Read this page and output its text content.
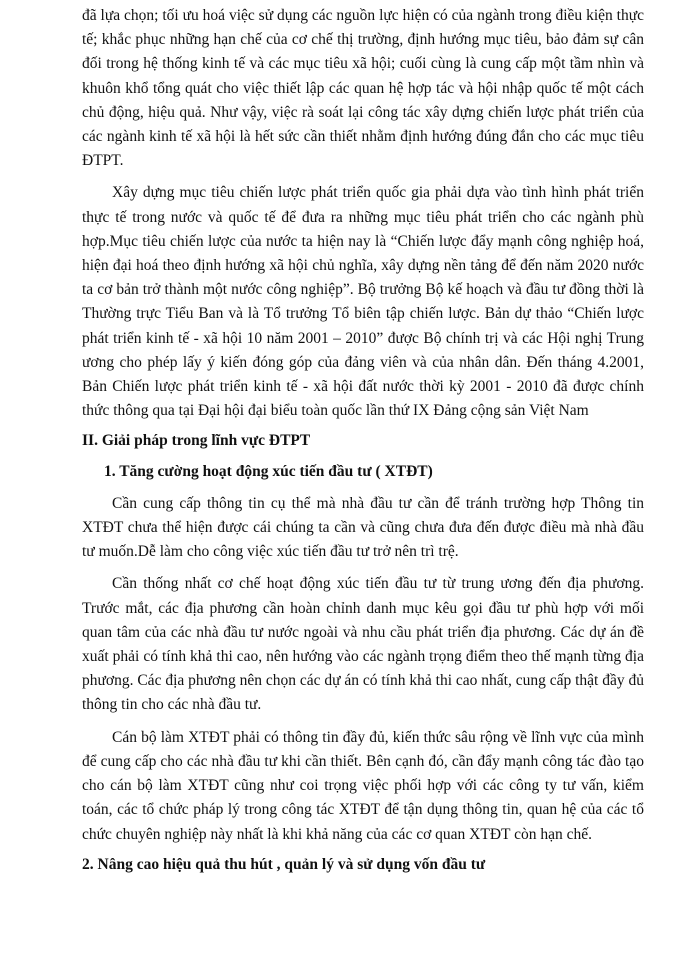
đã lựa chọn; tối ưu hoá việc sử dụng các nguồn lực hiện có của ngành trong điều kiện thực tế; khắc phục những hạn chế của cơ chế thị trường, định hướng mục tiêu, bảo đảm sự cân đối trong hệ thống kinh tế và các mục tiêu xã hội; cuối cùng là cung cấp một tầm nhìn và khuôn khổ tổng quát cho việc thiết lập các quan hệ hợp tác và hội nhập quốc tế một cách chủ động, hiệu quả. Như vậy, việc rà soát lại công tác xây dựng chiến lược phát triển của các ngành kinh tế xã hội là hết sức cần thiết nhằm định hướng đúng đắn cho các mục tiêu ĐTPT.

Xây dựng mục tiêu chiến lược phát triển quốc gia phải dựa vào tình hình phát triển thực tế trong nước và quốc tế để đưa ra những mục tiêu phát triển cho các ngành phù hợp.Mục tiêu chiến lược của nước ta hiện nay là “Chiến lược đẩy mạnh công nghiệp hoá, hiện đại hoá theo định hướng xã hội chủ nghĩa, xây dựng nền tảng để đến năm 2020 nước ta cơ bản trở thành một nước công nghiệp”. Bộ trưởng Bộ kế hoạch và đầu tư đồng thời là Thường trực Tiểu Ban và là Tổ trưởng Tổ biên tập chiến lược. Bản dự thảo “Chiến lược phát triển kinh tế - xã hội 10 năm 2001 – 2010” được Bộ chính trị và các Hội nghị Trung ương cho phép lấy ý kiến đóng góp của đảng viên và của nhân dân. Đến tháng 4.2001, Bản Chiến lược phát triển kinh tế - xã hội đất nước thời kỳ 2001 - 2010 đã được chính thức thông qua tại Đại hội đại biểu toàn quốc lần thứ IX Đảng cộng sản Việt Nam

II. Giải pháp trong lĩnh vực ĐTPT

1. Tăng cường hoạt động xúc tiến đầu tư ( XTĐT)

Cần cung cấp thông tin cụ thể mà nhà đầu tư cần để tránh trường hợp Thông tin XTĐT chưa thể hiện được cái chúng ta cần và cũng chưa đưa đến được điều mà nhà đầu tư muốn.Dễ làm cho công việc xúc tiến đầu tư trở nên trì trệ.

Cần thống nhất cơ chế hoạt động xúc tiến đầu tư từ trung ương đến địa phương. Trước mắt, các địa phương cần hoàn chỉnh danh mục kêu gọi đầu tư phù hợp với mối quan tâm của các nhà đầu tư nước ngoài và nhu cầu phát triển địa phương. Các dự án đề xuất phải có tính khả thi cao, nên hướng vào các ngành trọng điểm theo thế mạnh từng địa phương. Các địa phương nên chọn các dự án có tính khả thi cao nhất, cung cấp thật đầy đủ thông tin cho các nhà đầu tư.

Cán bộ làm XTĐT phải có thông tin đầy đủ, kiến thức sâu rộng về lĩnh vực của mình để cung cấp cho các nhà đầu tư khi cần thiết. Bên cạnh đó, cần đẩy mạnh công tác đào tạo cho cán bộ làm XTĐT cũng như coi trọng việc phối hợp với các công ty tư vấn, kiểm toán, các tổ chức pháp lý trong công tác XTĐT để tận dụng thông tin, quan hệ của các tổ chức chuyên nghiệp này nhất là khi khả năng của các cơ quan XTĐT còn hạn chế.

2. Nâng cao hiệu quả thu hút , quản lý và sử dụng vốn đầu tư
